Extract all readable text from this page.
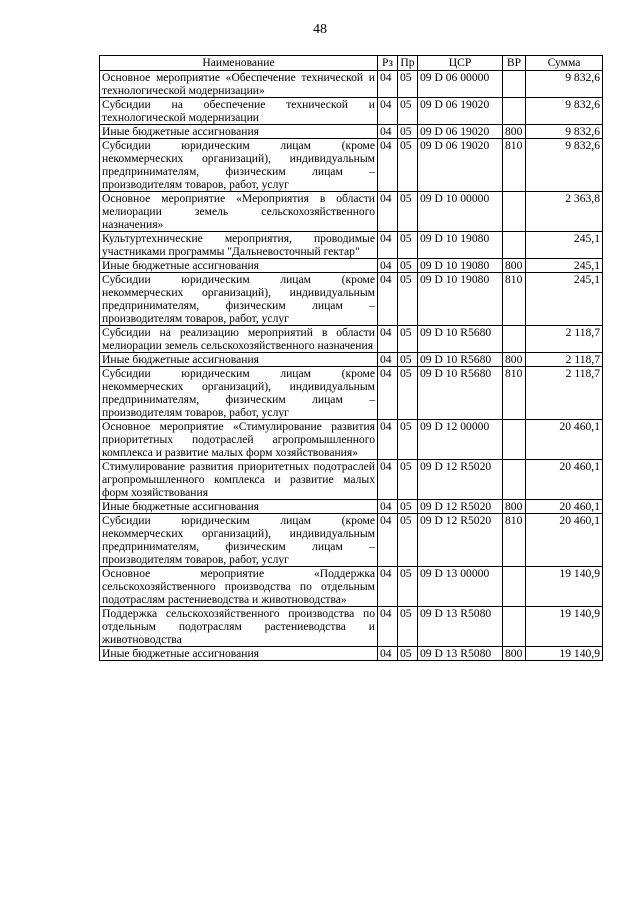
48
Наименование	Рз	Пр	ЦСР	ВР	Сумма
Основное мероприятие «Обеспечение технической и технологической модернизации»	04	05	09 D 06 00000		9 832,6
Субсидии на обеспечение технической и технологической модернизации	04	05	09 D 06 19020		9 832,6
Иные бюджетные ассигнования	04	05	09 D 06 19020	800	9 832,6
Субсидии юридическим лицам (кроме некоммерческих организаций), индивидуальным предпринимателям, физическим лицам – производителям товаров, работ, услуг	04	05	09 D 06 19020	810	9 832,6
Основное мероприятие «Мероприятия в области мелиорации земель сельскохозяйственного назначения»	04	05	09 D 10 00000		2 363,8
Культуртехнические мероприятия, проводимые участниками программы "Дальневосточный гектар"	04	05	09 D 10 19080		245,1
Иные бюджетные ассигнования	04	05	09 D 10 19080	800	245,1
Субсидии юридическим лицам (кроме некоммерческих организаций), индивидуальным предпринимателям, физическим лицам – производителям товаров, работ, услуг	04	05	09 D 10 19080	810	245,1
Субсидии на реализацию мероприятий в области мелиорации земель сельскохозяйственного назначения	04	05	09 D 10 R5680		2 118,7
Иные бюджетные ассигнования	04	05	09 D 10 R5680	800	2 118,7
Субсидии юридическим лицам (кроме некоммерческих организаций), индивидуальным предпринимателям, физическим лицам – производителям товаров, работ, услуг	04	05	09 D 10 R5680	810	2 118,7
Основное мероприятие «Стимулирование развития приоритетных подотраслей агропромышленного комплекса и развитие малых форм хозяйствования»	04	05	09 D 12 00000		20 460,1
Стимулирование развития приоритетных подотраслей агропромышленного комплекса и развитие малых форм хозяйствования	04	05	09 D 12 R5020		20 460,1
Иные бюджетные ассигнования	04	05	09 D 12 R5020	800	20 460,1
Субсидии юридическим лицам (кроме некоммерческих организаций), индивидуальным предпринимателям, физическим лицам – производителям товаров, работ, услуг	04	05	09 D 12 R5020	810	20 460,1
Основное мероприятие «Поддержка сельскохозяйственного производства по отдельным подотраслям растениеводства и животноводства»	04	05	09 D 13 00000		19 140,9
Поддержка сельскохозяйственного производства по отдельным подотраслям растениеводства и животноводства	04	05	09 D 13 R5080		19 140,9
Иные бюджетные ассигнования	04	05	09 D 13 R5080	800	19 140,9
